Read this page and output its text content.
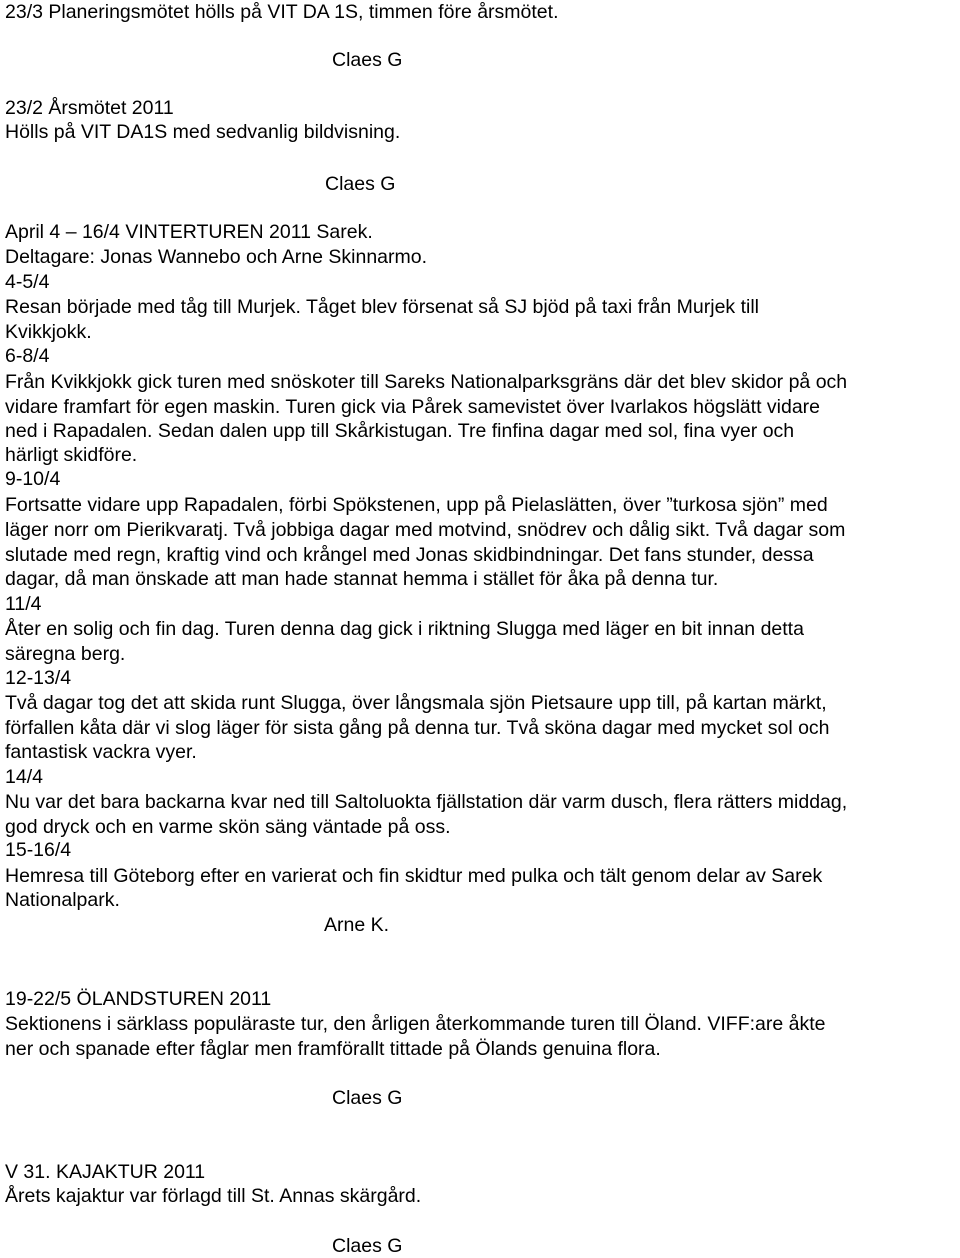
23/3 Planeringsmötet hölls på VIT DA 1S, timmen före årsmötet.

Claes G

23/2 Årsmötet 2011

Hölls på VIT DA1S med sedvanlig bildvisning.

Claes G

April 4 – 16/4 VINTERTUREN 2011 Sarek.

Deltagare: Jonas Wannebo och Arne Skinnarmo.

4-5/4

Resan började med tåg till Murjek. Tåget blev försenat så SJ bjöd på taxi från Murjek till

Kvikkjokk.

6-8/4

Från Kvikkjokk gick turen med snöskoter till Sareks Nationalparksgräns där det blev skidor på och

vidare framfart för egen maskin. Turen gick via Pårek samevistet över Ivarlakos högslätt vidare

ned i Rapadalen. Sedan dalen upp till Skårkistugan. Tre finfina dagar med sol, fina vyer och

härligt skidföre.

9-10/4

Fortsatte vidare upp Rapadalen, förbi Spökstenen, upp på Pielaslätten, över ”turkosa sjön” med

läger norr om Pierikvaratj. Två jobbiga dagar med motvind, snödrev och dålig sikt. Två dagar som

slutade med regn, kraftig vind och krångel med Jonas skidbindningar. Det fans stunder, dessa

dagar, då man önskade att man hade stannat hemma i stället för åka på denna tur.

11/4

Åter en solig och fin dag. Turen denna dag gick i riktning Slugga med läger en bit innan detta

säregna berg.

12-13/4

Två dagar tog det att skida runt Slugga, över långsmala sjön Pietsaure upp till, på kartan märkt,

förfallen kåta där vi slog läger för sista gång på denna tur. Två sköna dagar med mycket sol och

fantastisk vackra vyer.

14/4

Nu var det bara backarna kvar ned till Saltoluokta fjällstation där varm dusch, flera rätters middag,

god dryck och en varme skön säng väntade på oss.

15-16/4

Hemresa till Göteborg efter en varierat och fin skidtur med pulka och tält genom delar av Sarek

Nationalpark.

Arne K.

19-22/5 ÖLANDSTUREN 2011

Sektionens i särklass populäraste tur, den årligen återkommande turen till Öland. VIFF:are åkte

ner och spanade efter fåglar men framförallt tittade på Ölands genuina flora.

Claes G

V 31. KAJAKTUR 2011

Årets kajaktur var förlagd till St. Annas skärgård.

Claes G
